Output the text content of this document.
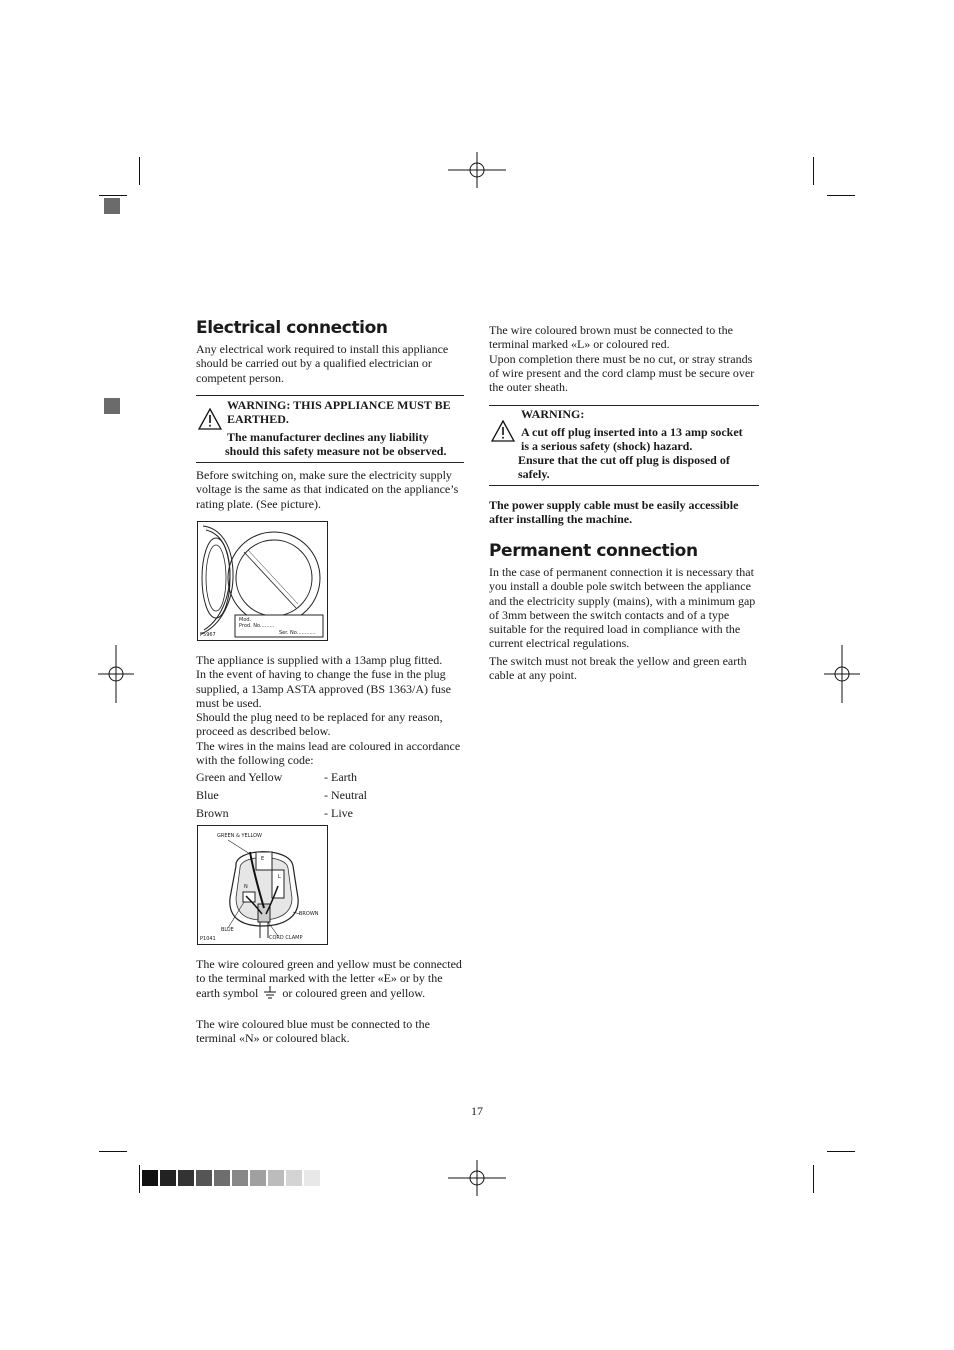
Electrical connection

Any electrical work required to install this appliance should be carried out by a qualified electrician or competent person.

WARNING: THIS APPLIANCE MUST BE
EARTHED.
The manufacturer declines any liability
should this safety measure not be observed.

Before switching on, make sure the electricity supply voltage is the same as that indicated on the appliance’s rating plate. (See picture).

Mod.
Prod. No.........
Ser. No............
P5967

The appliance is supplied with a 13amp plug fitted.
In the event of having to change the fuse in the plug supplied, a 13amp ASTA approved (BS 1363/A) fuse must be used.
Should the plug need to be replaced for any reason, proceed as described below.
The wires in the mains lead are coloured in accordance with the following code:

Green and Yellow	- Earth
Blue	- Neutral
Brown	- Live
GREEN & YELLOW
E
N
L
BROWN
BLUE
CORD CLAMP
P1041

The wire coloured green and yellow must be connected to the terminal marked with the letter «E» or by the earth symbol or coloured green and yellow.

The wire coloured blue must be connected to the terminal «N» or coloured black.

The wire coloured brown must be connected to the terminal marked «L» or coloured red.
Upon completion there must be no cut, or stray strands of wire present and the cord clamp must be secure over the outer sheath.

WARNING:
A cut off plug inserted into a 13 amp socket
is a serious safety (shock) hazard.
Ensure that the cut off plug is disposed of
safely.

The power supply cable must be easily accessible after installing the machine.

Permanent connection

In the case of permanent connection it is necessary that you install a double pole switch between the appliance and the electricity supply (mains), with a minimum gap of 3mm between the switch contacts and of a type suitable for the required load in compliance with the current electrical regulations.

The switch must not break the yellow and green earth cable at any point.

17
